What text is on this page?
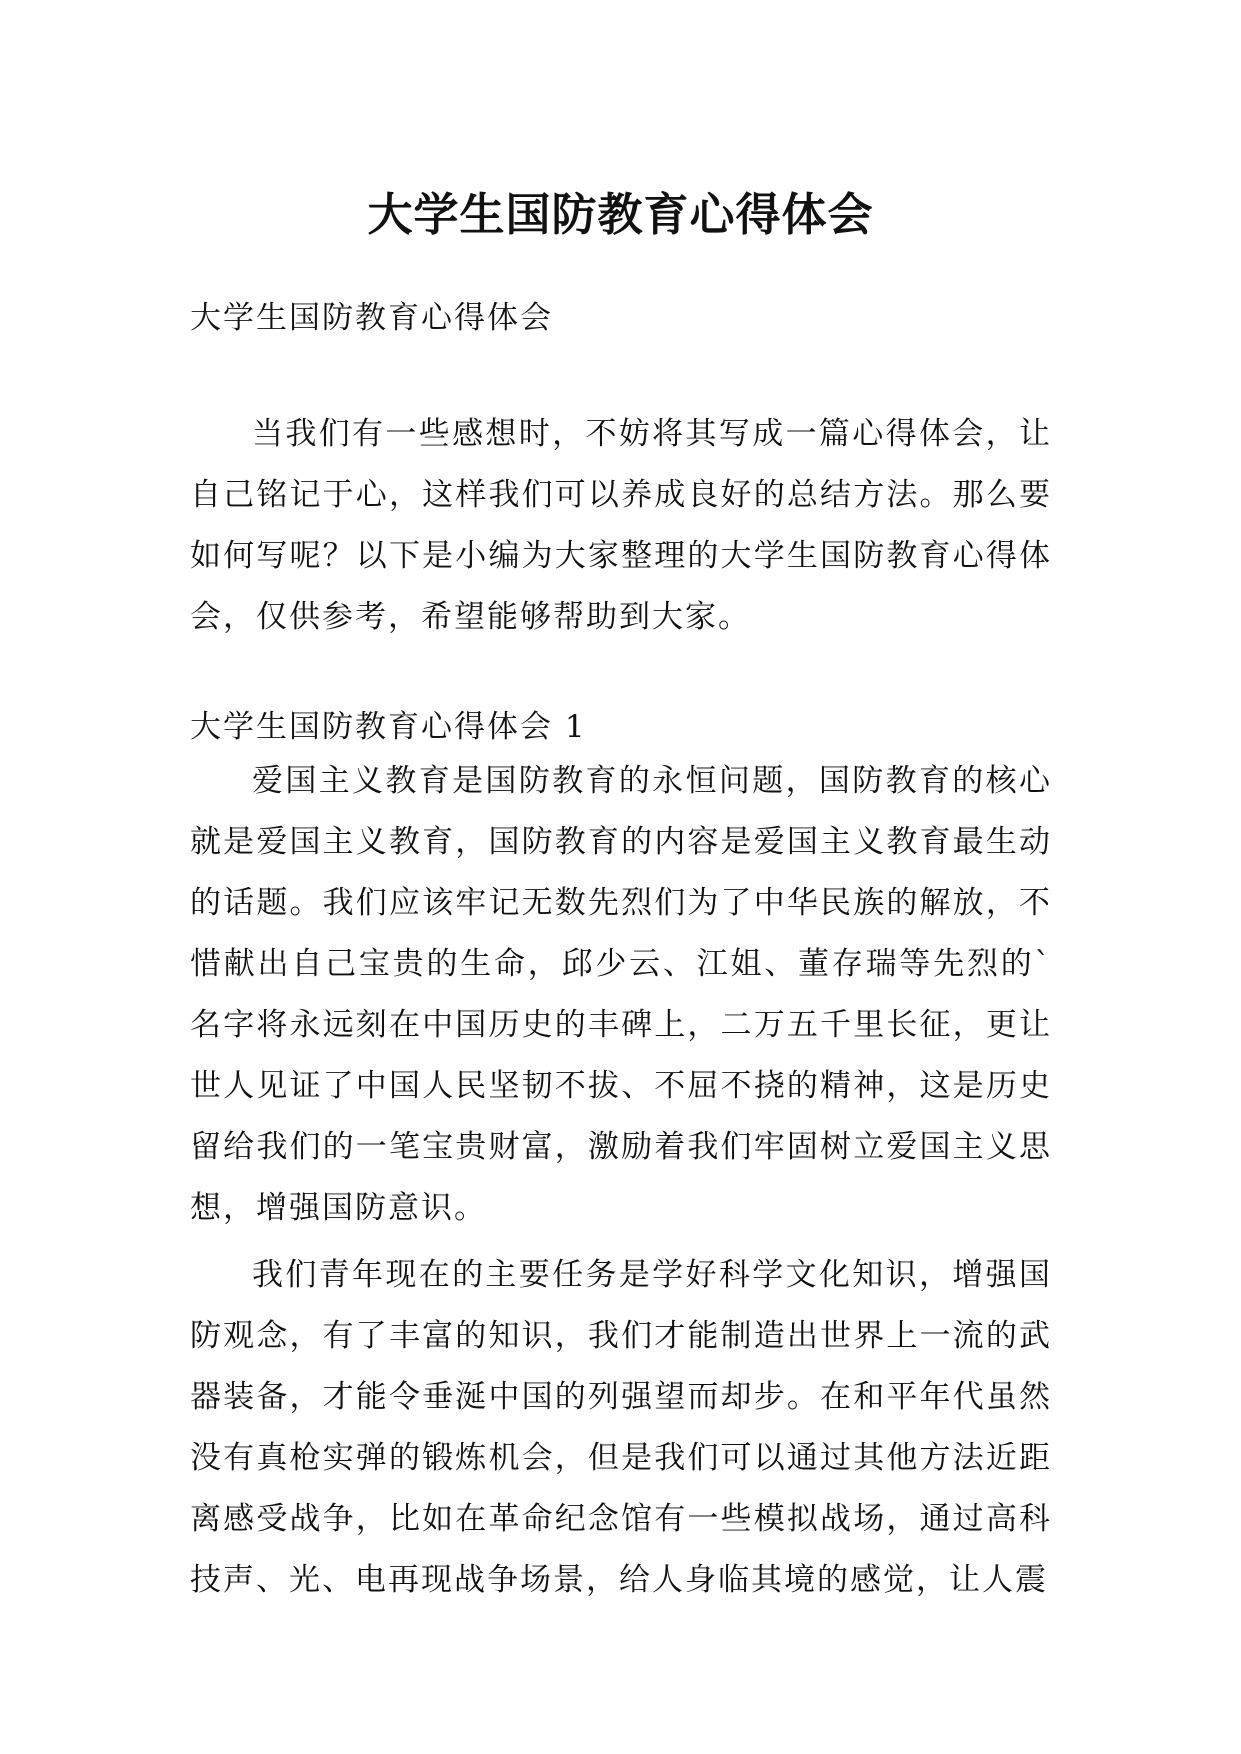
大学生国防教育心得体会
大学生国防教育心得体会

当我们有一些感想时，不妨将其写成一篇心得体会，让自己铭记于心，这样我们可以养成良好的总结方法。那么要如何写呢？以下是小编为大家整理的大学生国防教育心得体会，仅供参考，希望能够帮助到大家。

大学生国防教育心得体会 1

爱国主义教育是国防教育的永恒问题，国防教育的核心就是爱国主义教育，国防教育的内容是爱国主义教育最生动的话题。我们应该牢记无数先烈们为了中华民族的解放，不惜献出自己宝贵的生命，邱少云、江姐、董存瑞等先烈的`名字将永远刻在中国历史的丰碑上，二万五千里长征，更让世人见证了中国人民坚韧不拔、不屈不挠的精神，这是历史留给我们的一笔宝贵财富，激励着我们牢固树立爱国主义思想，增强国防意识。

我们青年现在的主要任务是学好科学文化知识，增强国防观念，有了丰富的知识，我们才能制造出世界上一流的武器装备，才能令垂涎中国的列强望而却步。在和平年代虽然没有真枪实弹的锻炼机会，但是我们可以通过其他方法近距离感受战争，比如在革命纪念馆有一些模拟战场，通过高科技声、光、电再现战争场景，给人身临其境的感觉，让人震
